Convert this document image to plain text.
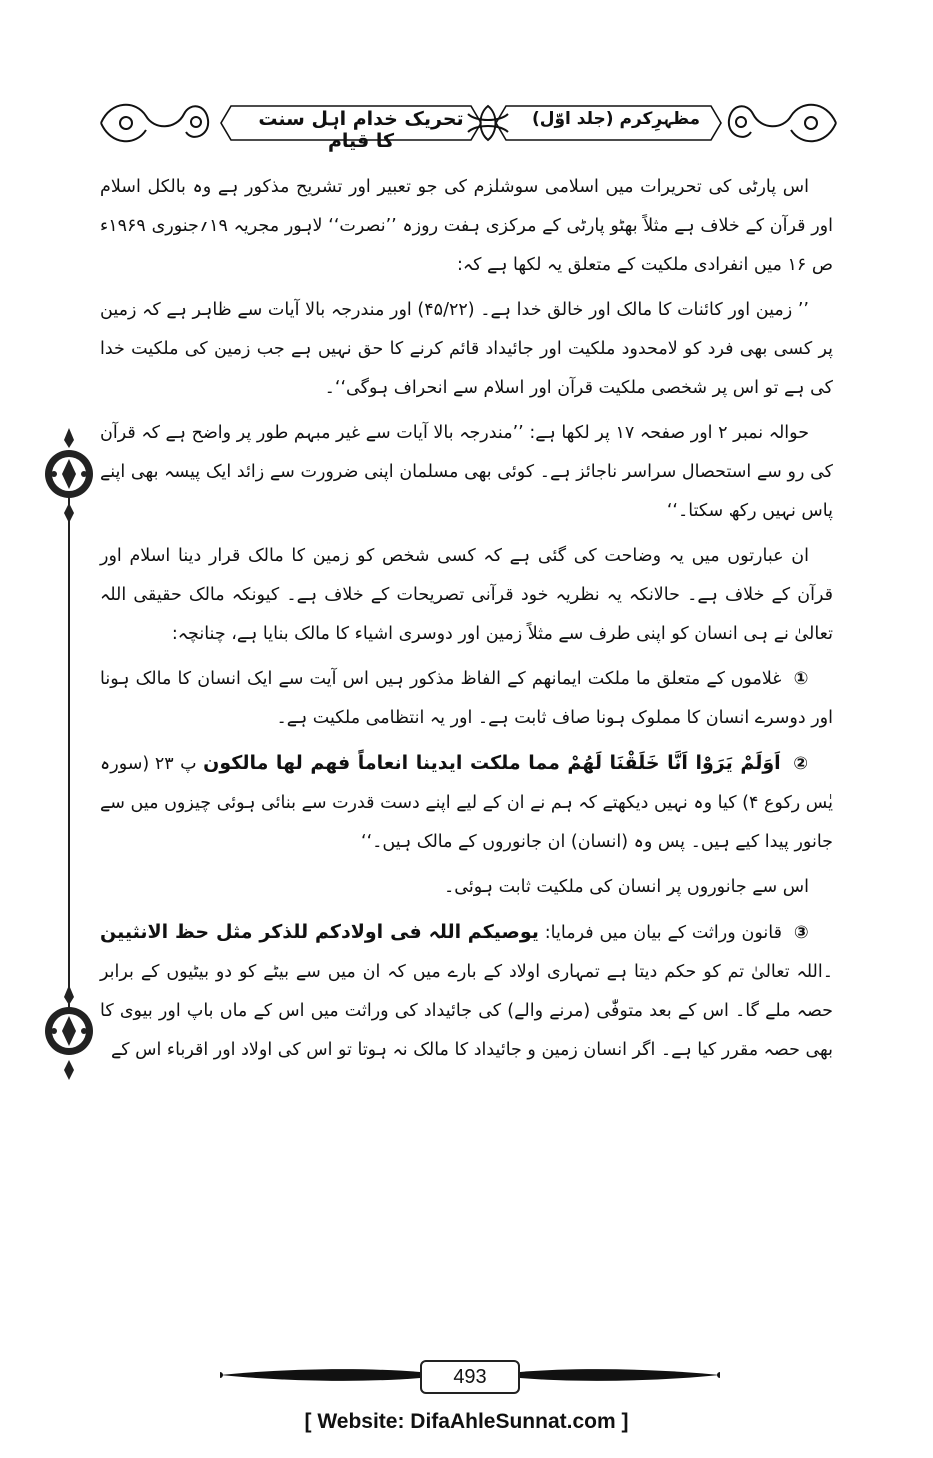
تحریک خدام اہل سنت کا قیام
مظہرِکرم (جلد اوّل)

اس پارٹی کی تحریرات میں اسلامی سوشلزم کی جو تعبیر اور تشریح مذکور ہے وہ بالکل اسلام اور قرآن کے خلاف ہے مثلاً بھٹو پارٹی کے مرکزی ہفت روزہ ’’نصرت‘‘ لاہور مجریہ ۱۹؍جنوری ۱۹۶۹ء ص ۱۶ میں انفرادی ملکیت کے متعلق یہ لکھا ہے کہ:

’’ زمین اور کائنات کا مالک اور خالق خدا ہے۔ (۴۵/۲۲) اور مندرجہ بالا آیات سے ظاہر ہے کہ زمین پر کسی بھی فرد کو لامحدود ملکیت اور جائیداد قائم کرنے کا حق نہیں ہے جب زمین کی ملکیت خدا کی ہے تو اس پر شخصی ملکیت قرآن اور اسلام سے انحراف ہوگی‘‘۔

حوالہ نمبر ۲ اور صفحہ ۱۷ پر لکھا ہے: ’’مندرجہ بالا آیات سے غیر مبہم طور پر واضح ہے کہ قرآن کی رو سے استحصال سراسر ناجائز ہے۔ کوئی بھی مسلمان اپنی ضرورت سے زائد ایک پیسہ بھی اپنے پاس نہیں رکھ سکتا۔‘‘

ان عبارتوں میں یہ وضاحت کی گئی ہے کہ کسی شخص کو زمین کا مالک قرار دینا اسلام اور قرآن کے خلاف ہے۔ حالانکہ یہ نظریہ خود قرآنی تصریحات کے خلاف ہے۔ کیونکہ مالک حقیقی اللہ تعالیٰ نے ہی انسان کو اپنی طرف سے مثلاً زمین اور دوسری اشیاء کا مالک بنایا ہے، چنانچہ:

① غلاموں کے متعلق ما ملکت ایمانھم کے الفاظ مذکور ہیں اس آیت سے ایک انسان کا مالک ہونا اور دوسرے انسان کا مملوک ہونا صاف ثابت ہے۔ اور یہ انتظامی ملکیت ہے۔

② اَوَلَمْ يَرَوْا اَنَّا خَلَقْنَا لَهُمْ مما ملکت ایدینا انعاماً فھم لھا مالکون پ ۲۳ (سورہ یٰس رکوع ۴) کیا وہ نہیں دیکھتے کہ ہم نے ان کے لیے اپنے دست قدرت سے بنائی ہوئی چیزوں میں سے جانور پیدا کیے ہیں۔ پس وہ (انسان) ان جانوروں کے مالک ہیں۔‘‘

اس سے جانوروں پر انسان کی ملکیت ثابت ہوئی۔

③ قانون وراثت کے بیان میں فرمایا: یوصیکم اللہ فی اولادکم للذکر مثل حظ الانثیین ۔اللہ تعالیٰ تم کو حکم دیتا ہے تمہاری اولاد کے بارے میں کہ ان میں سے بیٹے کو دو بیٹیوں کے برابر حصہ ملے گا۔ اس کے بعد متوفّٰی (مرنے والے) کی جائیداد کی وراثت میں اس کے ماں باپ اور بیوی کا بھی حصہ مقرر کیا ہے۔ اگر انسان زمین و جائیداد کا مالک نہ ہوتا تو اس کی اولاد اور اقرباء اس کے

493
[ Website: DifaAhleSunnat.com ]
